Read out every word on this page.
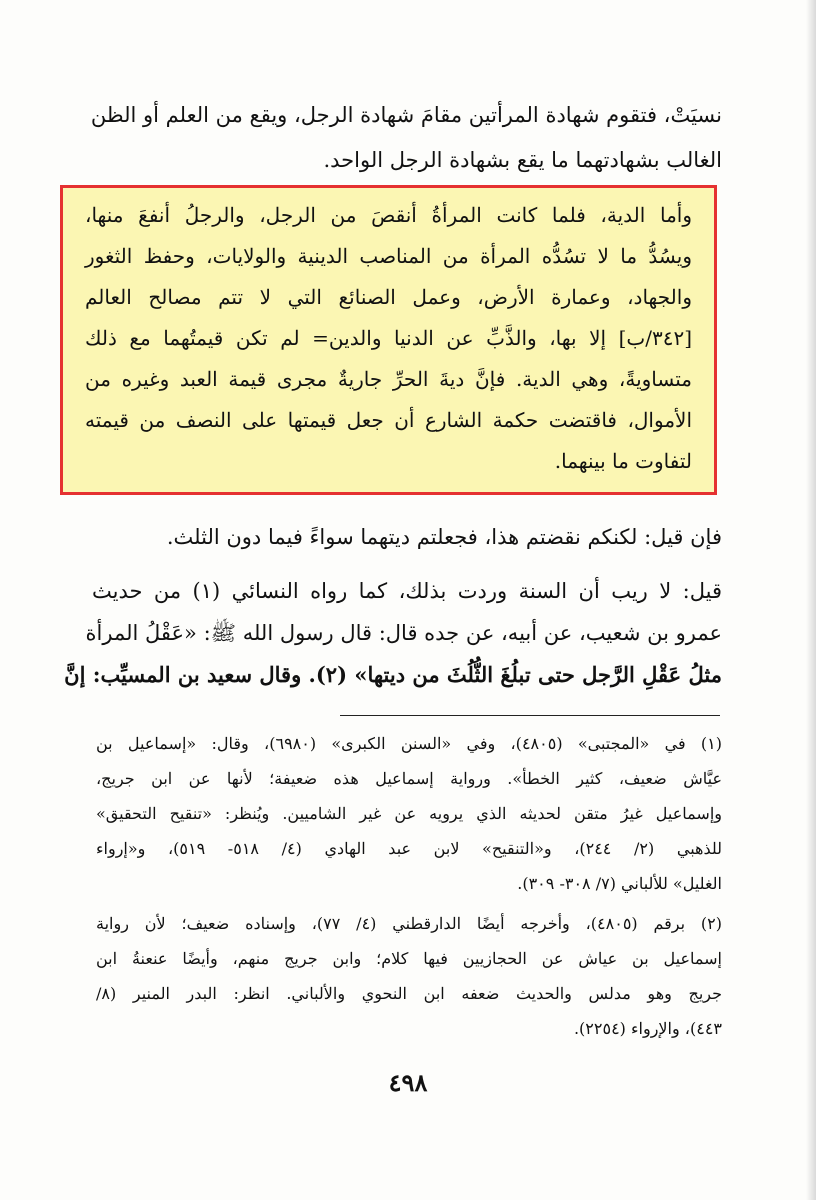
نسيَتْ، فتقوم شهادة المرأتين مقامَ شهادة الرجل، ويقع من العلم أو الظن
الغالب بشهادتهما ما يقع بشهادة الرجل الواحد.
وأما الدية، فلما كانت المرأةُ أنقصَ من الرجل، والرجلُ أنفعَ منها،
ويسُدُّ ما لا تسُدُّه المرأة من المناصب الدينية والولايات، وحفظ الثغور
والجهاد، وعمارة الأرض، وعمل الصنائع التي لا تتم مصالح العالم
[٣٤٢/ب] إلا بها، والذَّبِّ عن الدنيا والدين= لم تكن قيمتُهما مع ذلك
متساويةً، وهي الدية. فإنَّ ديةَ الحرِّ جاريةٌ مجرى قيمة العبد وغيره من
الأموال، فاقتضت حكمة الشارع أن جعل قيمتها على النصف من قيمته
لتفاوت ما بينهما.
فإن قيل: لكنكم نقضتم هذا، فجعلتم ديتهما سواءً فيما دون الثلث.
قيل: لا ريب أن السنة وردت بذلك، كما رواه النسائي (١) من حديث
عمرو بن شعيب، عن أبيه، عن جده قال: قال رسول الله ﷺ: «عَقْلُ المرأة
مثلُ عَقْلِ الرَّجل حتى تبلُغَ الثُّلُثَ من ديتها» (٢). وقال سعيد بن المسيِّب: إنَّ
(١) في «المجتبى» (٤٨٠٥)، وفي «السنن الكبرى» (٦٩٨٠)، وقال: «إسماعيل بن
عيَّاش ضعيف، كثير الخطأ». ورواية إسماعيل هذه ضعيفة؛ لأنها عن ابن جريج،
وإسماعيل غيرُ متقن لحديثه الذي يرويه عن غير الشاميين. ويُنظر: «تنقيح التحقيق»
للذهبي (٢/ ٢٤٤)، و«التنقيح» لابن عبد الهادي (٤/ ٥١٨- ٥١٩)، و«إرواء
الغليل» للألباني (٧/ ٣٠٨- ٣٠٩).
(٢) برقم (٤٨٠٥)، وأخرجه أيضًا الدارقطني (٤/ ٧٧)، وإسناده ضعيف؛ لأن رواية
إسماعيل بن عياش عن الحجازيين فيها كلام؛ وابن جريج منهم، وأيضًا عنعنةُ ابن
جريج وهو مدلس والحديث ضعفه ابن النحوي والألباني. انظر: البدر المنير (٨/
٤٤٣)، والإرواء (٢٢٥٤).
٤٩٨
